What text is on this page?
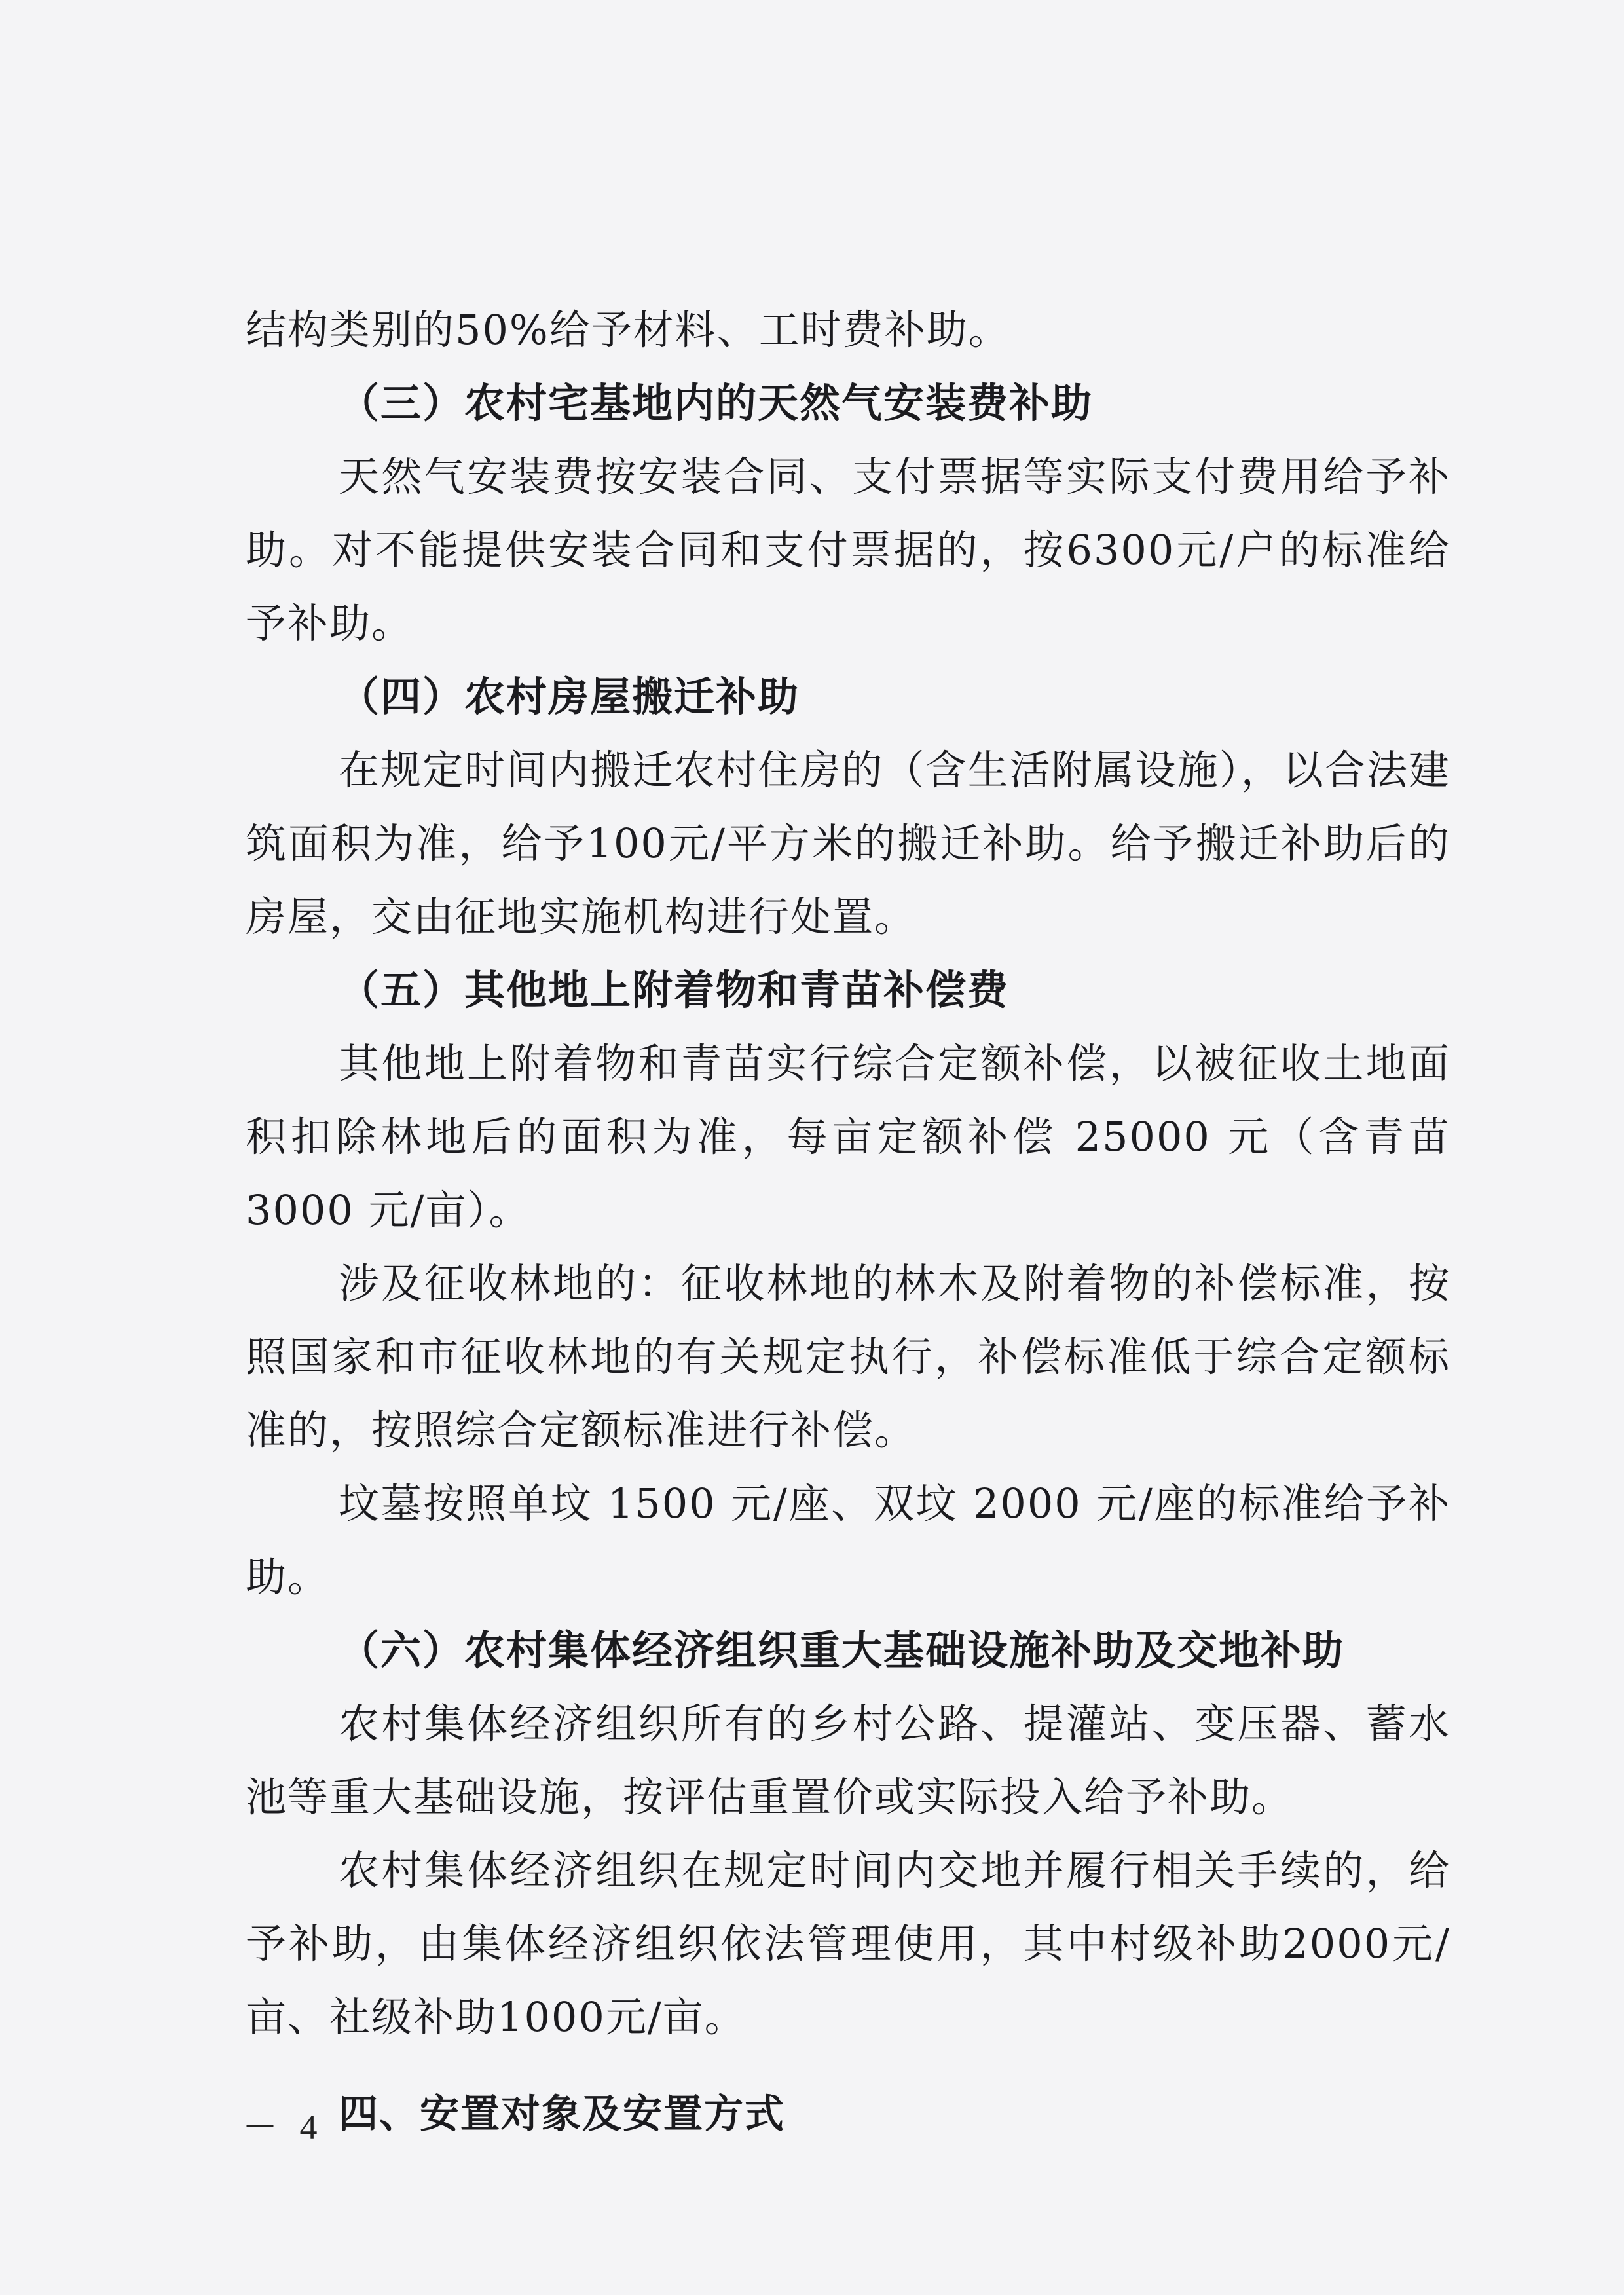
结构类别的50%给予材料、工时费补助。

（三）农村宅基地内的天然气安装费补助

天然气安装费按安装合同、支付票据等实际支付费用给予补助。对不能提供安装合同和支付票据的，按6300元/户的标准给予补助。

（四）农村房屋搬迁补助

在规定时间内搬迁农村住房的（含生活附属设施），以合法建筑面积为准，给予100元/平方米的搬迁补助。给予搬迁补助后的房屋，交由征地实施机构进行处置。

（五）其他地上附着物和青苗补偿费

其他地上附着物和青苗实行综合定额补偿，以被征收土地面积扣除林地后的面积为准，每亩定额补偿 25000 元（含青苗3000 元/亩）。

涉及征收林地的：征收林地的林木及附着物的补偿标准，按照国家和市征收林地的有关规定执行，补偿标准低于综合定额标准的，按照综合定额标准进行补偿。

坟墓按照单坟 1500 元/座、双坟 2000 元/座的标准给予补助。

（六）农村集体经济组织重大基础设施补助及交地补助

农村集体经济组织所有的乡村公路、提灌站、变压器、蓄水池等重大基础设施，按评估重置价或实际投入给予补助。

农村集体经济组织在规定时间内交地并履行相关手续的，给予补助，由集体经济组织依法管理使用，其中村级补助2000元/亩、社级补助1000元/亩。

四、安置对象及安置方式

－ 4 －
